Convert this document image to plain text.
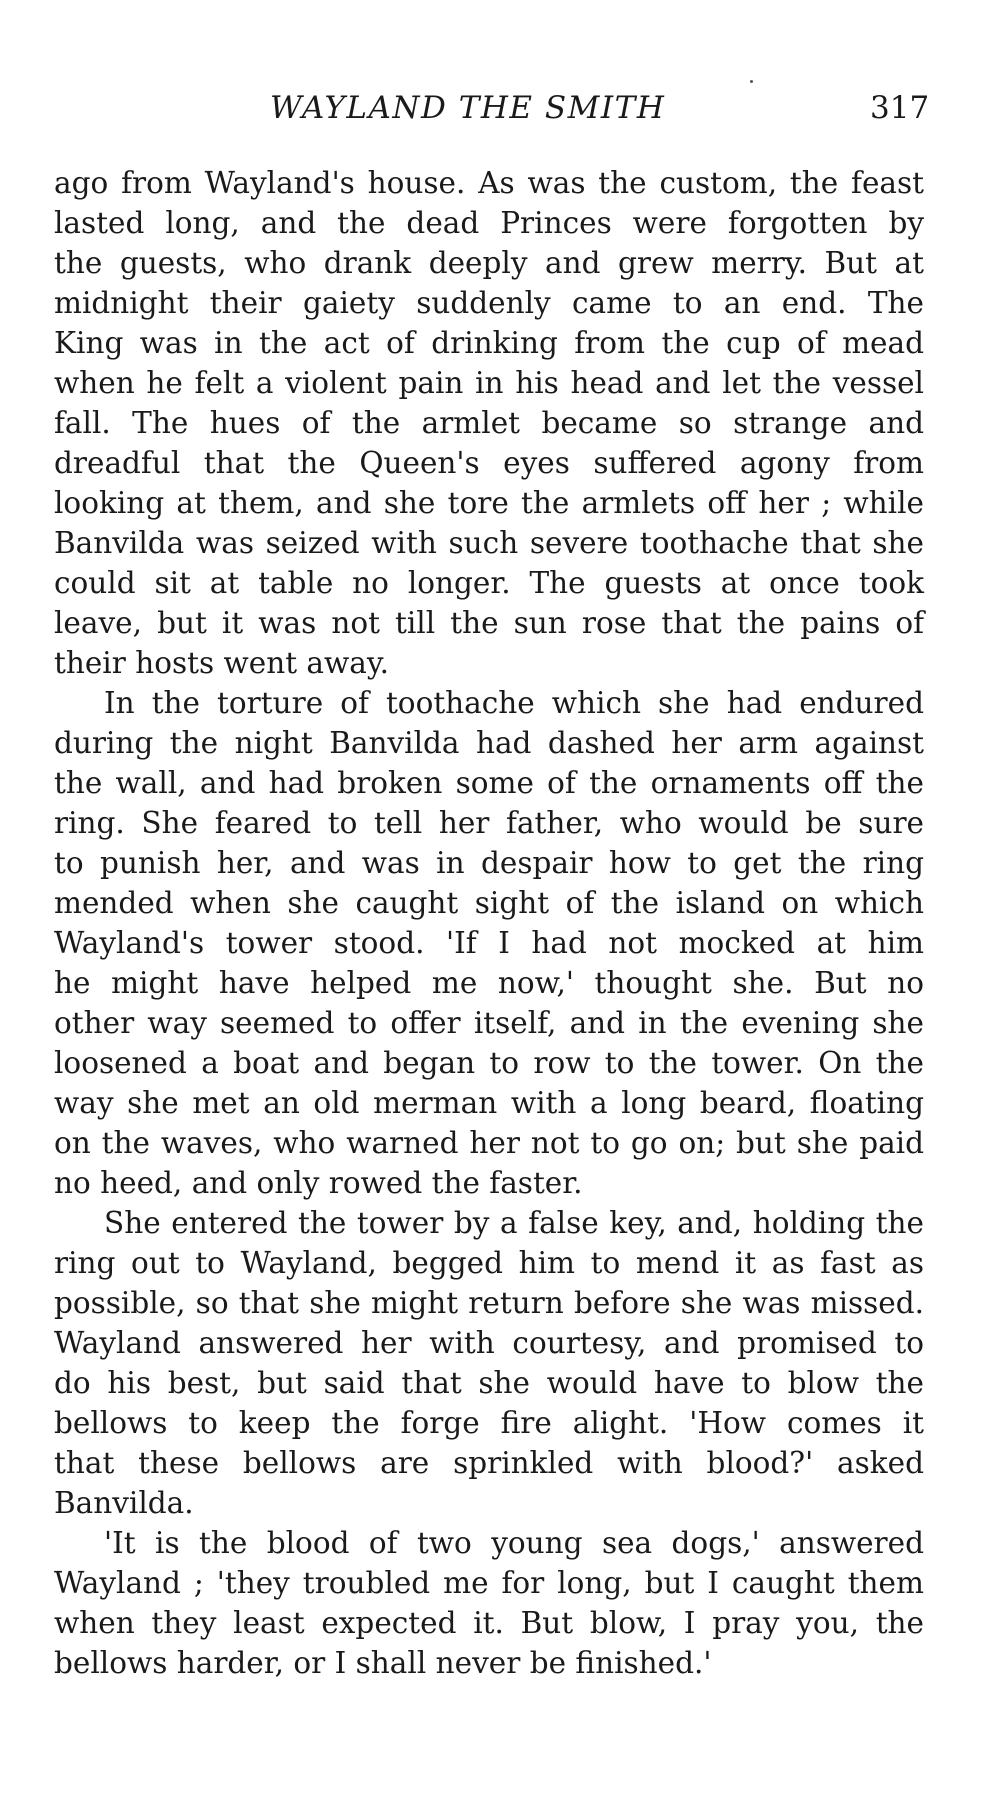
WAYLAND THE SMITH	317

ago from Wayland's house. As was the custom, the feast
lasted long, and the dead Princes were forgotten by
the guests, who drank deeply and grew merry. But at
midnight their gaiety suddenly came to an end. The
King was in the act of drinking from the cup of mead
when he felt a violent pain in his head and let the vessel
fall. The hues of the armlet became so strange and
dreadful that the Queen's eyes suffered agony from
looking at them, and she tore the armlets off her ; while
Banvilda was seized with such severe toothache that she
could sit at table no longer. The guests at once took
leave, but it was not till the sun rose that the pains of
their hosts went away.

In the torture of toothache which she had endured
during the night Banvilda had dashed her arm against
the wall, and had broken some of the ornaments off the
ring. She feared to tell her father, who would be sure
to punish her, and was in despair how to get the ring
mended when she caught sight of the island on which
Wayland's tower stood. 'If I had not mocked at him
he might have helped me now,' thought she. But no
other way seemed to offer itself, and in the evening she
loosened a boat and began to row to the tower. On the
way she met an old merman with a long beard, floating
on the waves, who warned her not to go on; but she paid
no heed, and only rowed the faster.

She entered the tower by a false key, and, holding the
ring out to Wayland, begged him to mend it as fast as
possible, so that she might return before she was missed.
Wayland answered her with courtesy, and promised to
do his best, but said that she would have to blow the
bellows to keep the forge fire alight. 'How comes it
that these bellows are sprinkled with blood?' asked
Banvilda.

'It is the blood of two young sea dogs,' answered
Wayland ; 'they troubled me for long, but I caught them
when they least expected it. But blow, I pray you, the
bellows harder, or I shall never be finished.'
